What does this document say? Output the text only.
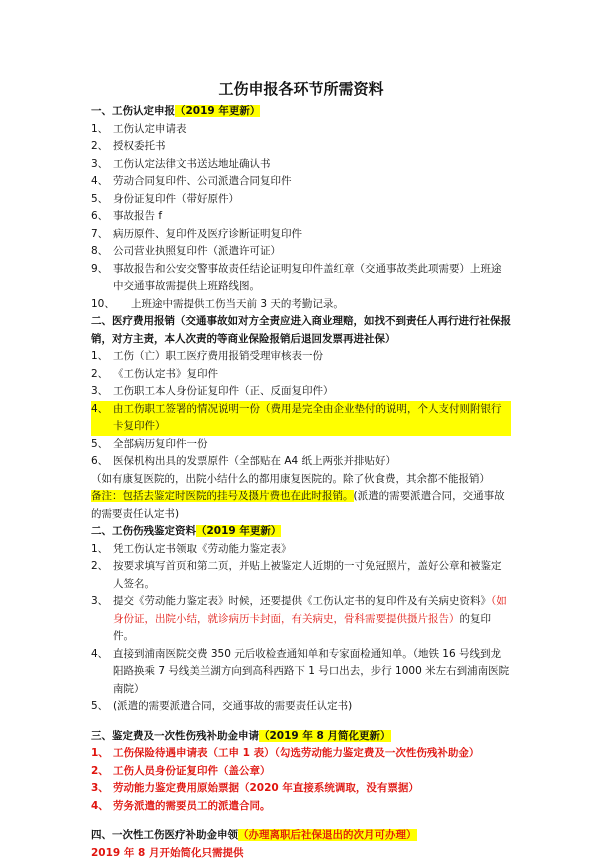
工伤申报各环节所需资料
一、工伤认定申报（2019 年更新）
1、 工伤认定申请表
2、 授权委托书
3、 工伤认定法律文书送达地址确认书
4、 劳动合同复印件、公司派遣合同复印件
5、 身份证复印件（带好原件）
6、 事故报告 f
7、 病历原件、复印件及医疗诊断证明复印件
8、 公司营业执照复印件（派遣许可证）
9、 事故报告和公安交警事故责任结论证明复印件盖红章（交通事故类此项需要）上班途中交通事故需提供上班路线图。
10、	上班途中需提供工伤当天前 3 天的考勤记录。
二、医疗费用报销（交通事故如对方全责应进入商业理赔，如找不到责任人再行进行社保报销，对方主责，本人次责的等商业保险报销后退回发票再进社保）
1、 工伤（亡）职工医疗费用报销受理审核表一份
2、 《工伤认定书》复印件
3、 工伤职工本人身份证复印件（正、反面复印件）
4、 由工伤职工签署的情况说明一份（费用是完全由企业垫付的说明，个人支付则附银行卡复印件）
5、 全部病历复印件一份
6、 医保机构出具的发票原件（全部贴在 A4 纸上两张并排贴好）
（如有康复医院的，出院小结什么的都用康复医院的。除了伙食费，其余都不能报销）
备注：包括去鉴定时医院的挂号及摄片费也在此时报销。(派遣的需要派遣合同，交通事故的需要责任认定书)
二、工伤伤残鉴定资料（2019 年更新）
1、 凭工伤认定书领取《劳动能力鉴定表》
2、 按要求填写首页和第二页，并贴上被鉴定人近期的一寸免冠照片，盖好公章和被鉴定人签名。
3、 提交《劳动能力鉴定表》时候，还要提供《工伤认定书的复印件及有关病史资料》（如身份证，出院小结，就诊病历卡封面，有关病史，骨科需要提供摄片报告）的复印件。
4、 直接到浦南医院交费 350 元后收检查通知单和专家面检通知单。（地铁 16 号线到龙阳路换乘 7 号线美兰湖方向到高科西路下 1 号口出去，步行 1000 米左右到浦南医院南院）
5、 (派遣的需要派遣合同，交通事故的需要责任认定书)
三、鉴定费及一次性伤残补助金申请（2019 年 8 月简化更新）
1、 工伤保险待遇申请表（工申 1 表）（勾选劳动能力鉴定费及一次性伤残补助金）
2、 工伤人员身份证复印件（盖公章）
3、 劳动能力鉴定费用原始票据（2020 年直接系统调取，没有票据）
4、 劳务派遣的需要员工的派遣合同。
四、一次性工伤医疗补助金申领（办理离职后社保退出的次月可办理）
2019 年 8 月开始简化只需提供
